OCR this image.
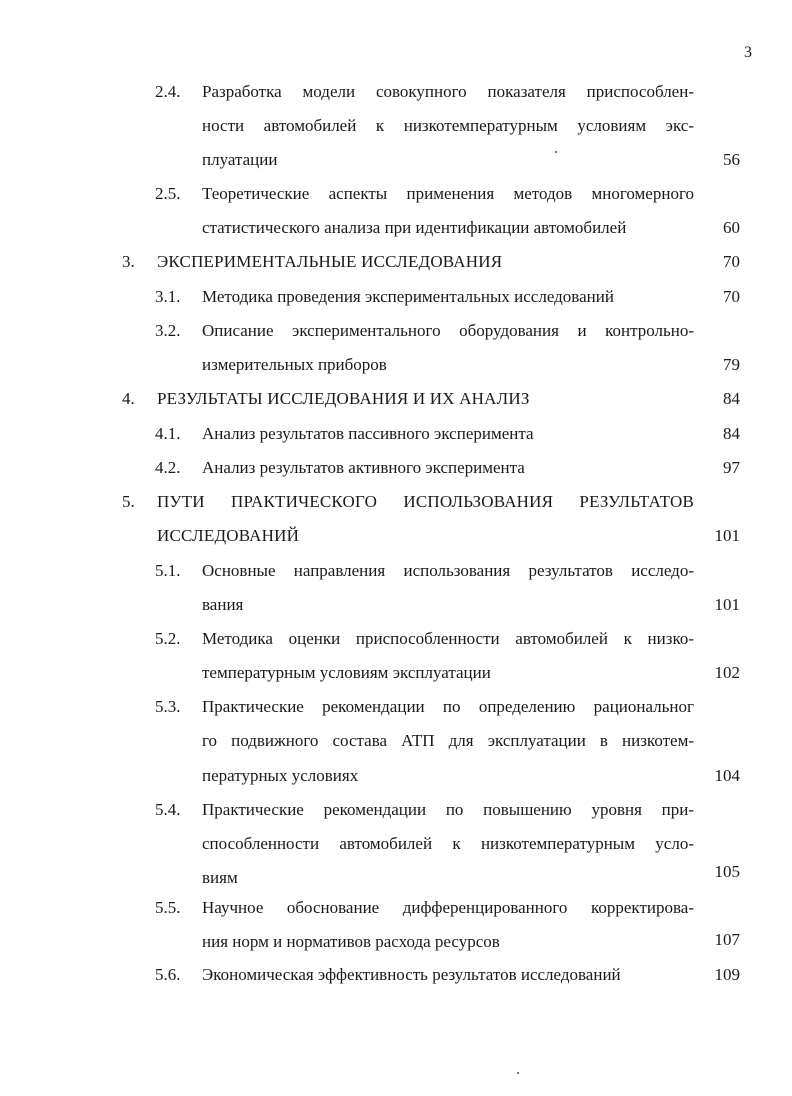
3
2.4. Разработка модели совокупного показателя приспособлен-
ности автомобилей к низкотемпературным условиям экс-
плуатации	56
2.5. Теоретические аспекты применения методов многомерного
статистического анализа при идентификации автомобилей	60
3. ЭКСПЕРИМЕНТАЛЬНЫЕ ИССЛЕДОВАНИЯ	70
3.1. Методика проведения экспериментальных исследований	70
3.2. Описание экспериментального оборудования и контрольно-
измерительных приборов	79
4. РЕЗУЛЬТАТЫ ИССЛЕДОВАНИЯ И ИХ АНАЛИЗ	84
4.1. Анализ результатов пассивного эксперимента	84
4.2. Анализ результатов активного эксперимента	97
5. ПУТИ ПРАКТИЧЕСКОГО ИСПОЛЬЗОВАНИЯ РЕЗУЛЬТАТОВ
ИССЛЕДОВАНИЙ	101
5.1. Основные направления использования результатов исследо-
вания	101
5.2. Методика оценки приспособленности автомобилей к низко-
температурным условиям эксплуатации	102
5.3. Практические рекомендации по определению рациональног
го подвижного состава АТП для эксплуатации в низкотем-
пературных условиях	104
5.4. Практические рекомендации по повышению уровня при-
способленности автомобилей к низкотемпературным усло-
виям	105
5.5. Научное обоснование дифференцированного корректирова-
ния норм и нормативов расхода ресурсов	107
5.6. Экономическая эффективность результатов исследований	109
